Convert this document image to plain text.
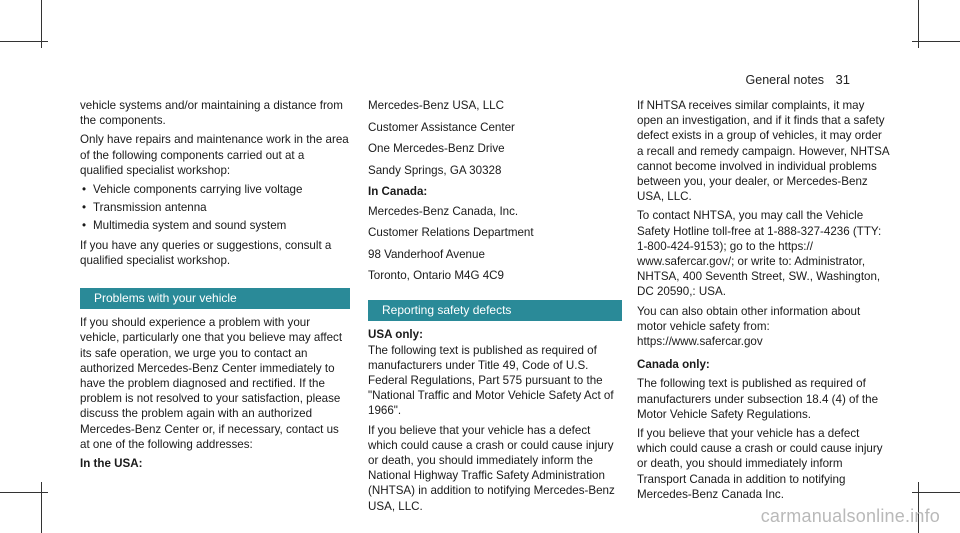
General notes 31

vehicle systems and/or maintaining a distance from the components.

Only have repairs and maintenance work in the area of the following components carried out at a qualified specialist workshop:

• Vehicle components carrying live voltage
• Transmission antenna
• Multimedia system and sound system

If you have any queries or suggestions, consult a qualified specialist workshop.

Problems with your vehicle

If you should experience a problem with your vehicle, particularly one that you believe may affect its safe operation, we urge you to contact an authorized Mercedes-Benz Center immediately to have the problem diagnosed and rectified. If the problem is not resolved to your satisfaction, please discuss the problem again with an authorized Mercedes-Benz Center or, if necessary, contact us at one of the following addresses:

In the USA:

Mercedes-Benz USA, LLC

Customer Assistance Center

One Mercedes-Benz Drive

Sandy Springs, GA 30328

In Canada:

Mercedes-Benz Canada, Inc.

Customer Relations Department

98 Vanderhoof Avenue

Toronto, Ontario M4G 4C9

Reporting safety defects

USA only:

The following text is published as required of manufacturers under Title 49, Code of U.S. Federal Regulations, Part 575 pursuant to the "National Traffic and Motor Vehicle Safety Act of 1966".

If you believe that your vehicle has a defect which could cause a crash or could cause injury or death, you should immediately inform the National Highway Traffic Safety Administration (NHTSA) in addition to notifying Mercedes-Benz USA, LLC.

If NHTSA receives similar complaints, it may open an investigation, and if it finds that a safety defect exists in a group of vehicles, it may order a recall and remedy campaign. However, NHTSA cannot become involved in individual problems between you, your dealer, or Mercedes-Benz USA, LLC.

To contact NHTSA, you may call the Vehicle Safety Hotline toll-free at 1-888-327-4236 (TTY: 1-800-424-9153); go to the https:// www.safercar.gov/; or write to: Administrator, NHTSA, 400 Seventh Street, SW., Washington, DC 20590,: USA.

You can also obtain other information about motor vehicle safety from: https://www.safercar.gov

Canada only:

The following text is published as required of manufacturers under subsection 18.4 (4) of the Motor Vehicle Safety Regulations.

If you believe that your vehicle has a defect which could cause a crash or could cause injury or death, you should immediately inform Transport Canada in addition to notifying Mercedes-Benz Canada Inc.

carmanualsonline.info
